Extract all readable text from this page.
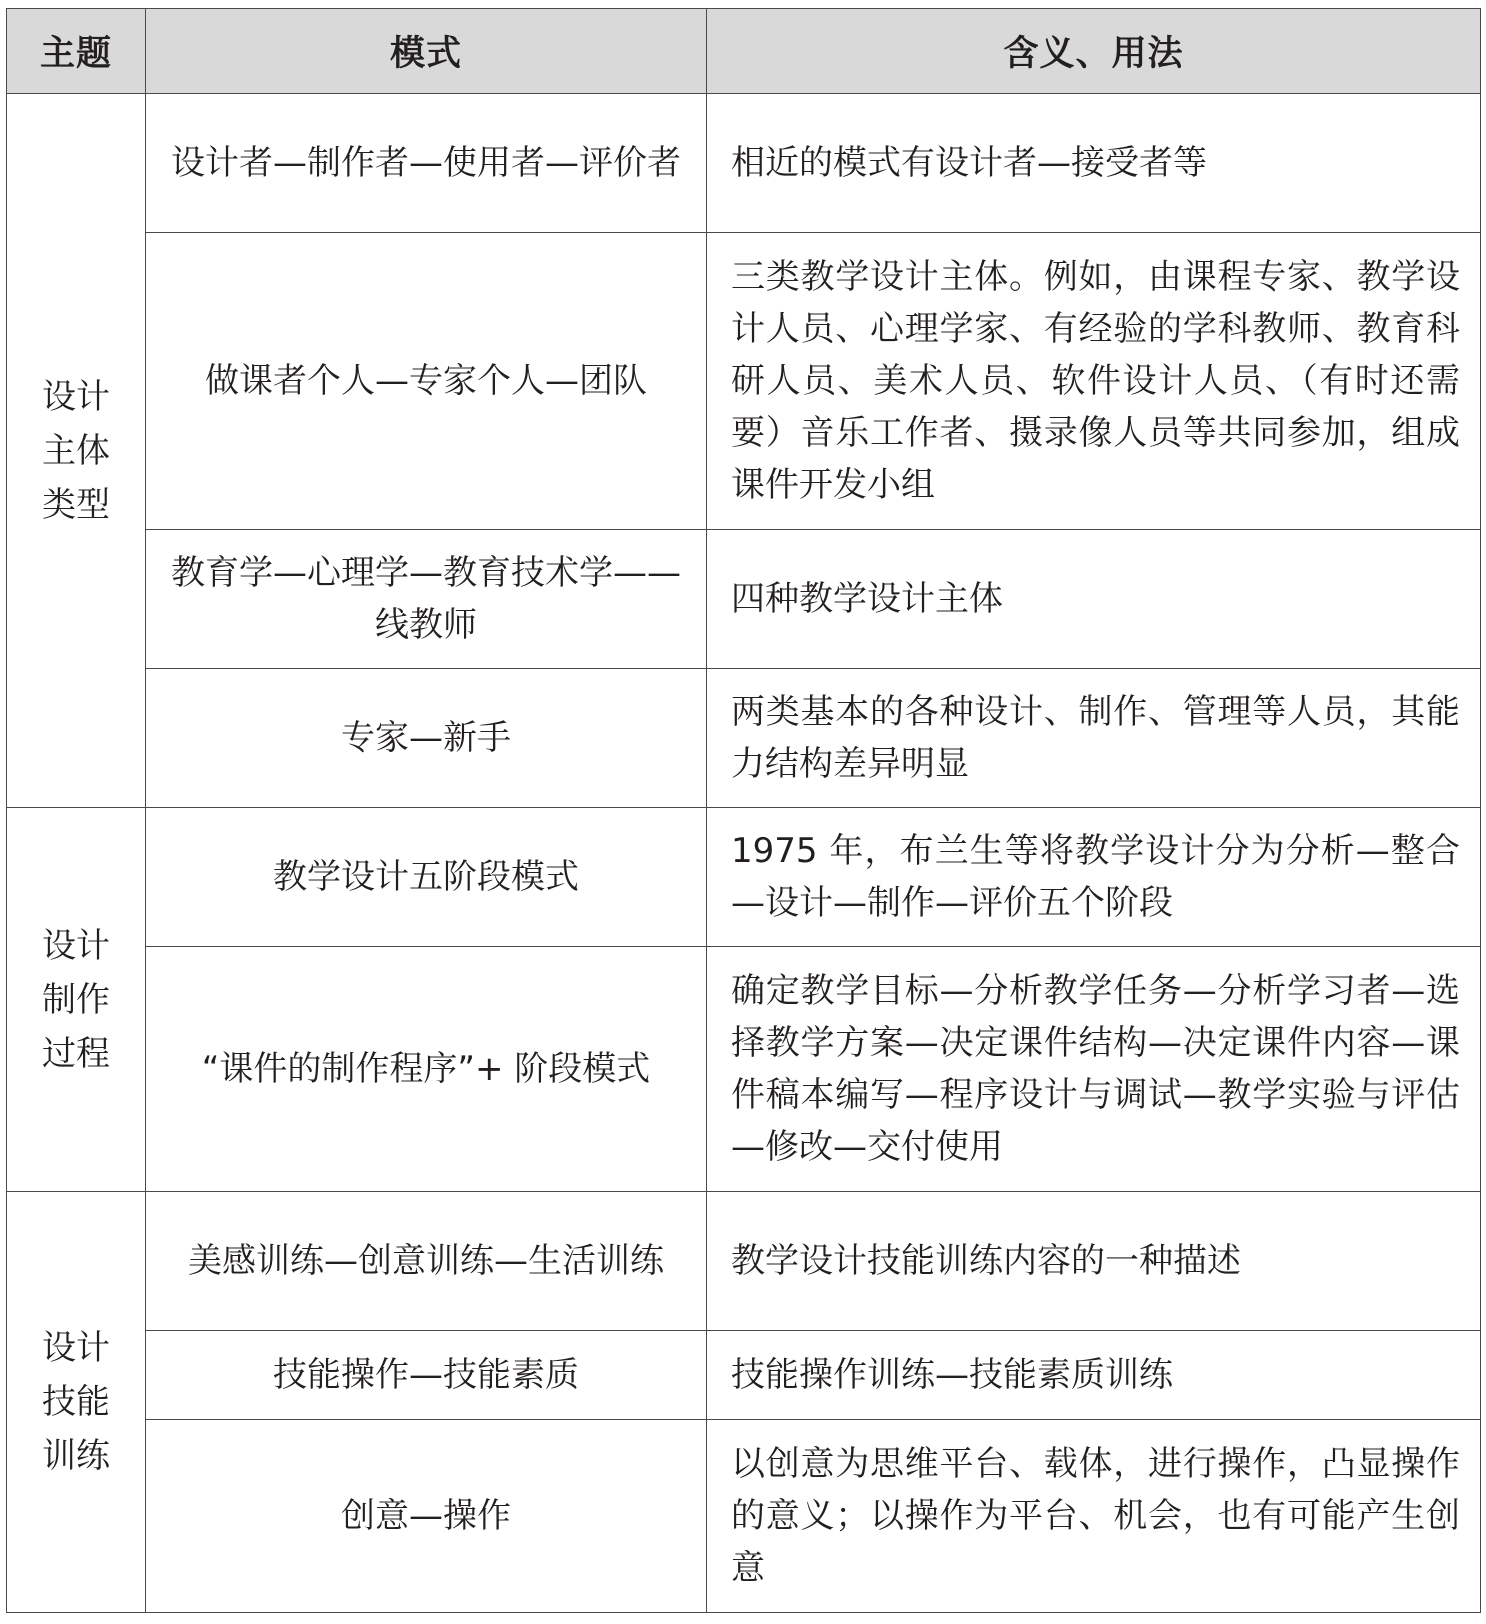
主题	模式	含义、用法
设计主体类型	设计者—制作者—使用者—评价者	相近的模式有设计者—接受者等
	做课者个人—专家个人—团队	三类教学设计主体。例如，由课程专家、教学设计人员、心理学家、有经验的学科教师、教育科研人员、美术人员、软件设计人员、（有时还需要）音乐工作者、摄录像人员等共同参加，组成课件开发小组
	教育学—心理学—教育技术学——线教师	四种教学设计主体
	专家—新手	两类基本的各种设计、制作、管理等人员，其能力结构差异明显
设计制作过程	教学设计五阶段模式	1975 年，布兰生等将教学设计分为分析—整合—设计—制作—评价五个阶段
	“课件的制作程序”+ 阶段模式	确定教学目标—分析教学任务—分析学习者—选择教学方案—决定课件结构—决定课件内容—课件稿本编写—程序设计与调试—教学实验与评估—修改—交付使用
设计技能训练	美感训练—创意训练—生活训练	教学设计技能训练内容的一种描述
	技能操作—技能素质	技能操作训练—技能素质训练
	创意—操作	以创意为思维平台、载体，进行操作，凸显操作的意义；以操作为平台、机会，也有可能产生创意
